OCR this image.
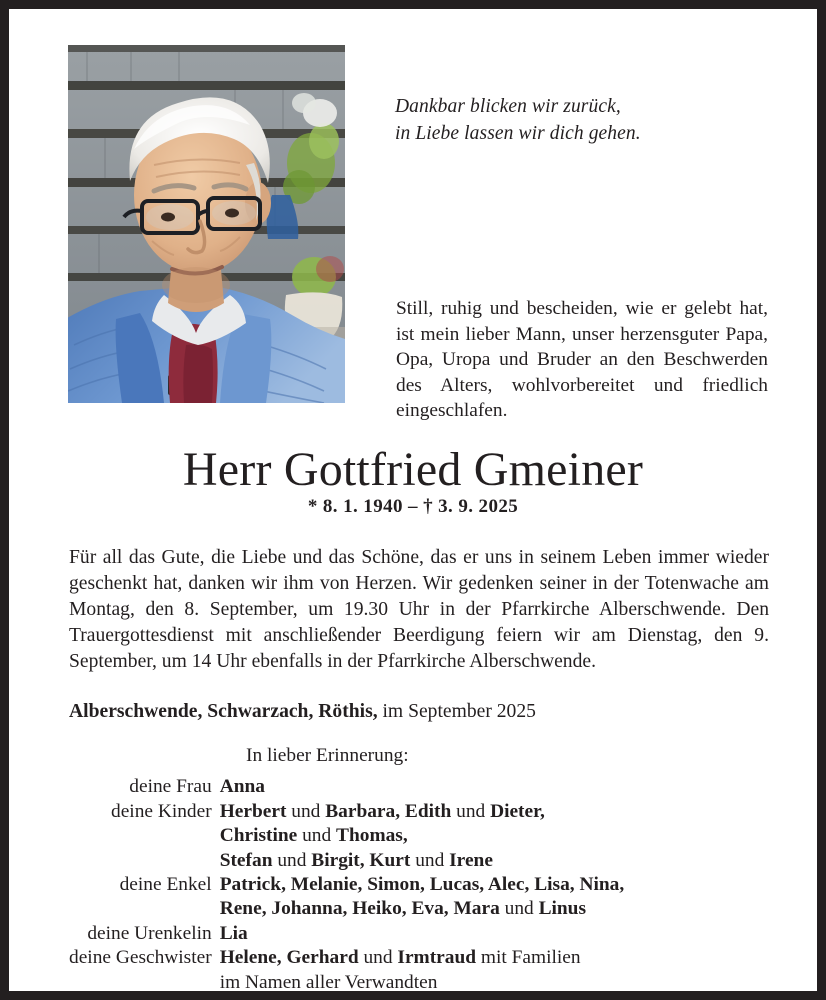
Dankbar blicken wir zurück,
in Liebe lassen wir dich gehen.
Still, ruhig und bescheiden, wie er gelebt hat, ist mein lieber Mann, unser herzensguter Papa, Opa, Uropa und Bruder an den Beschwerden des Alters, wohlvorbereitet und friedlich eingeschlafen.
Herr Gottfried Gmeiner
* 8. 1. 1940 – † 3. 9. 2025
Für all das Gute, die Liebe und das Schöne, das er uns in seinem Leben immer wieder geschenkt hat, danken wir ihm von Herzen. Wir gedenken seiner in der Totenwache am Montag, den 8. September, um 19.30 Uhr in der Pfarrkirche Alberschwende. Den Trauergottesdienst mit anschließender Beerdigung feiern wir am Dienstag, den 9. September, um 14 Uhr ebenfalls in der Pfarrkirche Alberschwende.
Alberschwende, Schwarzach, Röthis, im September 2025
In lieber Erinnerung:
deine Frau	Anna
deine Kinder	Herbert und Barbara, Edith und Dieter,
	Christine und Thomas,
	Stefan und Birgit, Kurt und Irene
deine Enkel	Patrick, Melanie, Simon, Lucas, Alec, Lisa, Nina,
	Rene, Johanna, Heiko, Eva, Mara und Linus
deine Urenkelin	Lia
deine Geschwister	Helene, Gerhard und Irmtraud mit Familien
	im Namen aller Verwandten
